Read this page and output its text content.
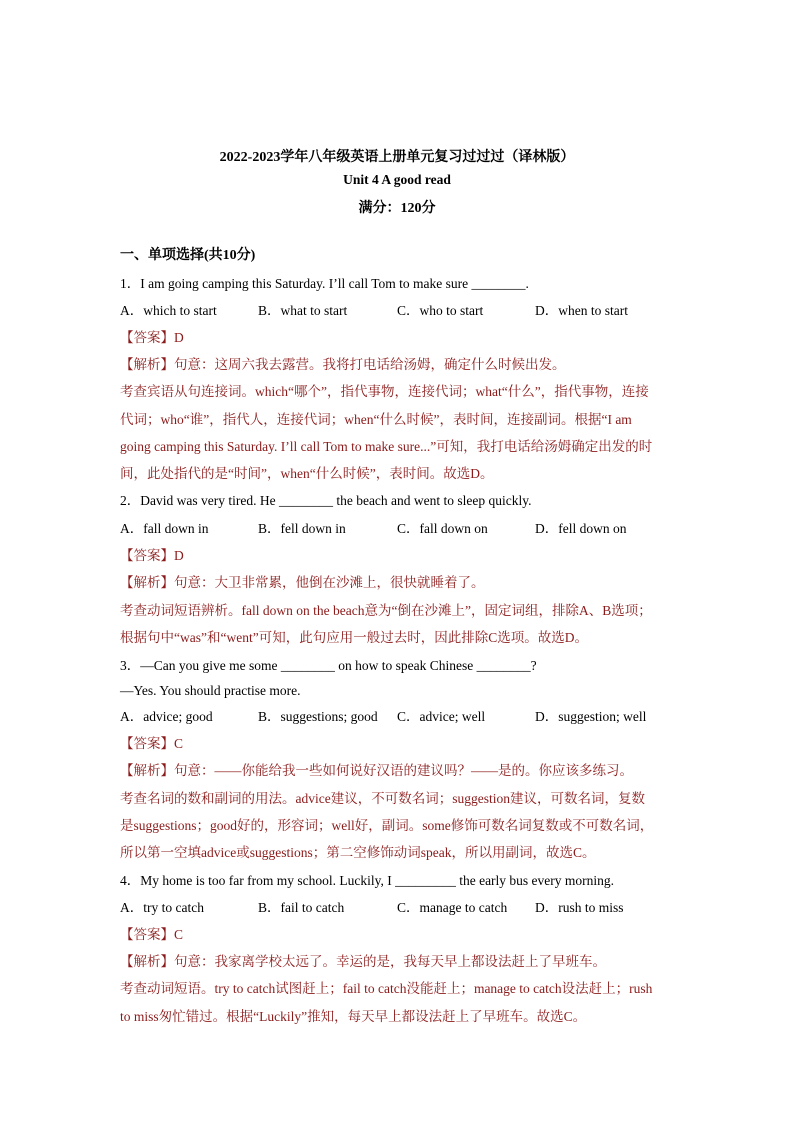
2022-2023学年八年级英语上册单元复习过过过（译林版）
Unit 4 A good read
满分：120分
一、单项选择(共10分)
1．I am going camping this Saturday. I’ll call Tom to make sure ________.
A．which to start	B．what to start	C．who to start	D．when to start
【答案】D
【解析】句意：这周六我去露营。我将打电话给汤姆，确定什么时候出发。
考查宾语从句连接词。which“哪个”，指代事物，连接代词；what“什么”，指代事物，连接
代词；who“谁”，指代人，连接代词；when“什么时候”，表时间，连接副词。根据“I am
going camping this Saturday. I’ll call Tom to make sure...”可知，我打电话给汤姆确定出发的时
间，此处指代的是“时间”，when“什么时候”，表时间。故选D。
2．David was very tired. He ________ the beach and went to sleep quickly.
A．fall down in	B．fell down in	C．fall down on	D．fell down on
【答案】D
【解析】句意：大卫非常累，他倒在沙滩上，很快就睡着了。
考查动词短语辨析。fall down on the beach意为“倒在沙滩上”，固定词组，排除A、B选项；
根据句中“was”和“went”可知，此句应用一般过去时，因此排除C选项。故选D。
3．—Can you give me some ________ on how to speak Chinese ________?
—Yes. You should practise more.
A．advice; good	B．suggestions; good C．advice; well	D．suggestion; well
【答案】C
【解析】句意：——你能给我一些如何说好汉语的建议吗？——是的。你应该多练习。
考查名词的数和副词的用法。advice建议，不可数名词；suggestion建议，可数名词，复数
是suggestions；good好的，形容词；well好，副词。some修饰可数名词复数或不可数名词，
所以第一空填advice或suggestions；第二空修饰动词speak，所以用副词，故选C。
4．My home is too far from my school. Luckily, I _________ the early bus every morning.
A．try to catch	B．fail to catch	C．manage to catch D．rush to miss
【答案】C
【解析】句意：我家离学校太远了。幸运的是，我每天早上都设法赶上了早班车。
考查动词短语。try to catch试图赶上；fail to catch没能赶上；manage to catch设法赶上；rush
to miss匆忙错过。根据“Luckily”推知，每天早上都设法赶上了早班车。故选C。
